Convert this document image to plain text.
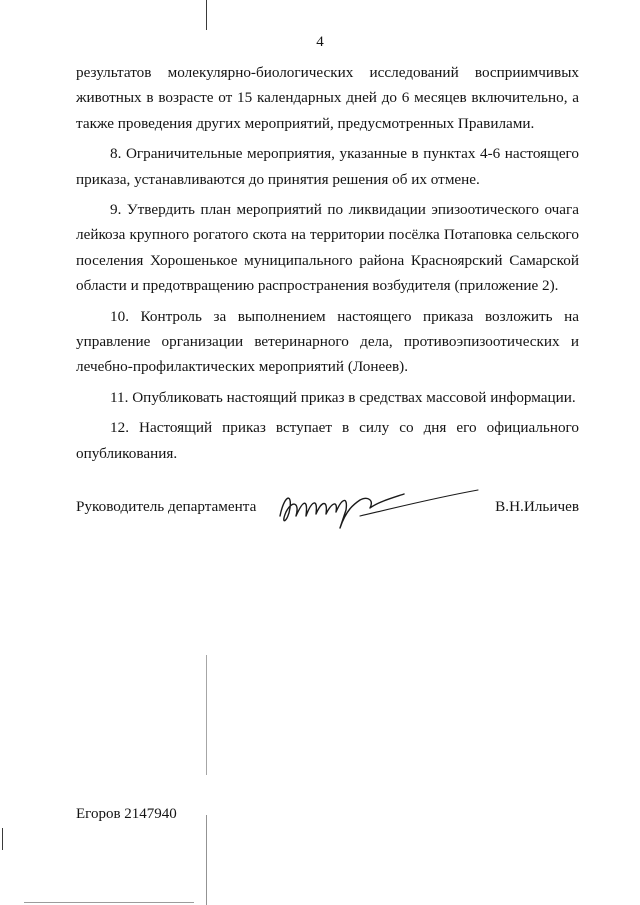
4

результатов молекулярно-биологических исследований восприимчивых животных в возрасте от 15 календарных дней до 6 месяцев включительно, а также проведения других мероприятий, предусмотренных Правилами.

8. Ограничительные мероприятия, указанные в пунктах 4-6 настоящего приказа, устанавливаются до принятия решения об их отмене.

9. Утвердить план мероприятий по ликвидации эпизоотического очага лейкоза крупного рогатого скота на территории посёлка Потаповка сельского поселения Хорошенькое муниципального района Красноярский Самарской области и предотвращению распространения возбудителя (приложение 2).

10. Контроль за выполнением настоящего приказа возложить на управление организации ветеринарного дела, противоэпизоотических и лечебно-профилактических мероприятий (Лонеев).

11. Опубликовать настоящий приказ в средствах массовой информации.

12. Настоящий приказ вступает в силу со дня его официального опубликования.

Руководитель департамента	В.Н.Ильичев
Егоров 2147940
